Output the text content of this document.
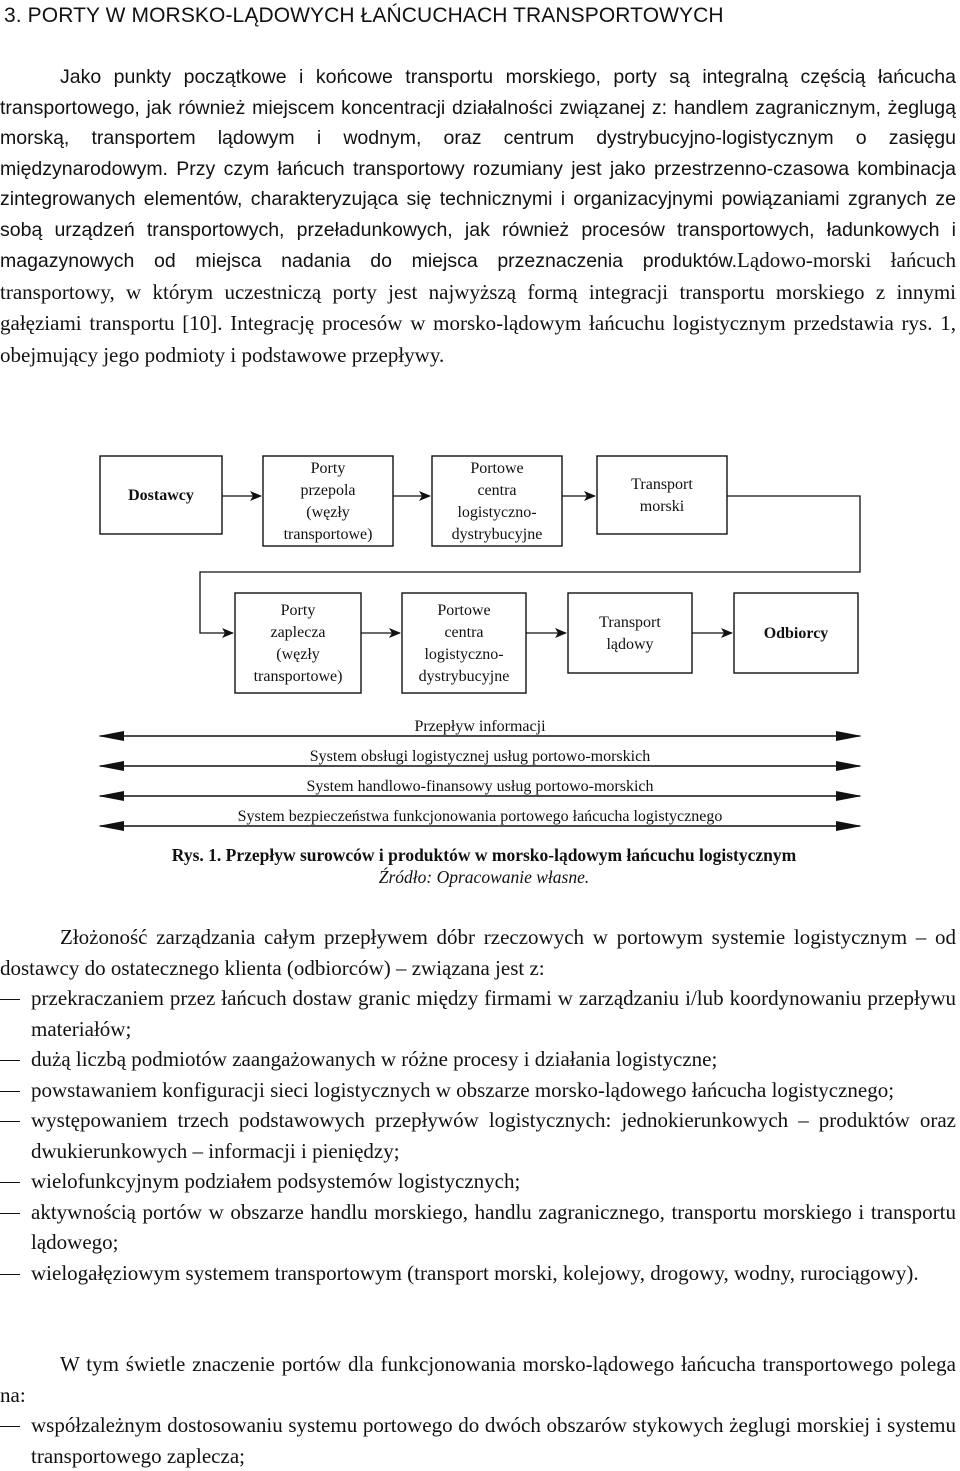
3. PORTY W MORSKO-LĄDOWYCH ŁAŃCUCHACH TRANSPORTOWYCH
Jako punkty początkowe i końcowe transportu morskiego, porty są integralną częścią łańcucha transportowego, jak również miejscem koncentracji działalności związanej z: handlem zagranicznym, żeglugą morską, transportem lądowym i wodnym, oraz centrum dystrybucyjno-logistycznym o zasięgu międzynarodowym. Przy czym łańcuch transportowy rozumiany jest jako przestrzenno-czasowa kombinacja zintegrowanych elementów, charakteryzująca się technicznymi i organizacyjnymi powiązaniami zgranych ze sobą urządzeń transportowych, przeładunkowych, jak również procesów transportowych, ładunkowych i magazynowych od miejsca nadania do miejsca przeznaczenia produktów.Lądowo-morski łańcuch transportowy, w którym uczestniczą porty jest najwyższą formą integracji transportu morskiego z innymi gałęziami transportu [10]. Integrację procesów w morsko-lądowym łańcuchu logistycznym przedstawia rys. 1, obejmujący jego podmioty i podstawowe przepływy.
Dostawcy
Porty
przepola
(węzły
transportowe)
Portowe
centra
logistyczno-
dystrybucyjne
Transport
morski
Porty
zaplecza
(węzły
transportowe)
Portowe
centra
logistyczno-
dystrybucyjne
Transport
lądowy
Odbiorcy
Przepływ informacji
System obsługi logistycznej usług portowo-morskich
System handlowo-finansowy usług portowo-morskich
System bezpieczeństwa funkcjonowania portowego łańcucha logistycznego
Rys. 1. Przepływ surowców i produktów w morsko-lądowym łańcuchu logistycznym
Źródło: Opracowanie własne.
Złożoność zarządzania całym przepływem dóbr rzeczowych w portowym systemie logistycznym – od dostawcy do ostatecznego klienta (odbiorców) – związana jest z:
przekraczaniem przez łańcuch dostaw granic między firmami w zarządzaniu i/lub koordynowaniu przepływu materiałów;
dużą liczbą podmiotów zaangażowanych w różne procesy i działania logistyczne;
powstawaniem konfiguracji sieci logistycznych w obszarze morsko-lądowego łańcucha logistycznego;
występowaniem trzech podstawowych przepływów logistycznych: jednokierunkowych – produktów oraz dwukierunkowych – informacji i pieniędzy;
wielofunkcyjnym podziałem podsystemów logistycznych;
aktywnością portów w obszarze handlu morskiego, handlu zagranicznego, transportu morskiego i transportu lądowego;
wielogałęziowym systemem transportowym (transport morski, kolejowy, drogowy, wodny, rurociągowy).
W tym świetle znaczenie portów dla funkcjonowania morsko-lądowego łańcucha transportowego polega na:
współzależnym dostosowaniu systemu portowego do dwóch obszarów stykowych żeglugi morskiej i systemu transportowego zaplecza;
